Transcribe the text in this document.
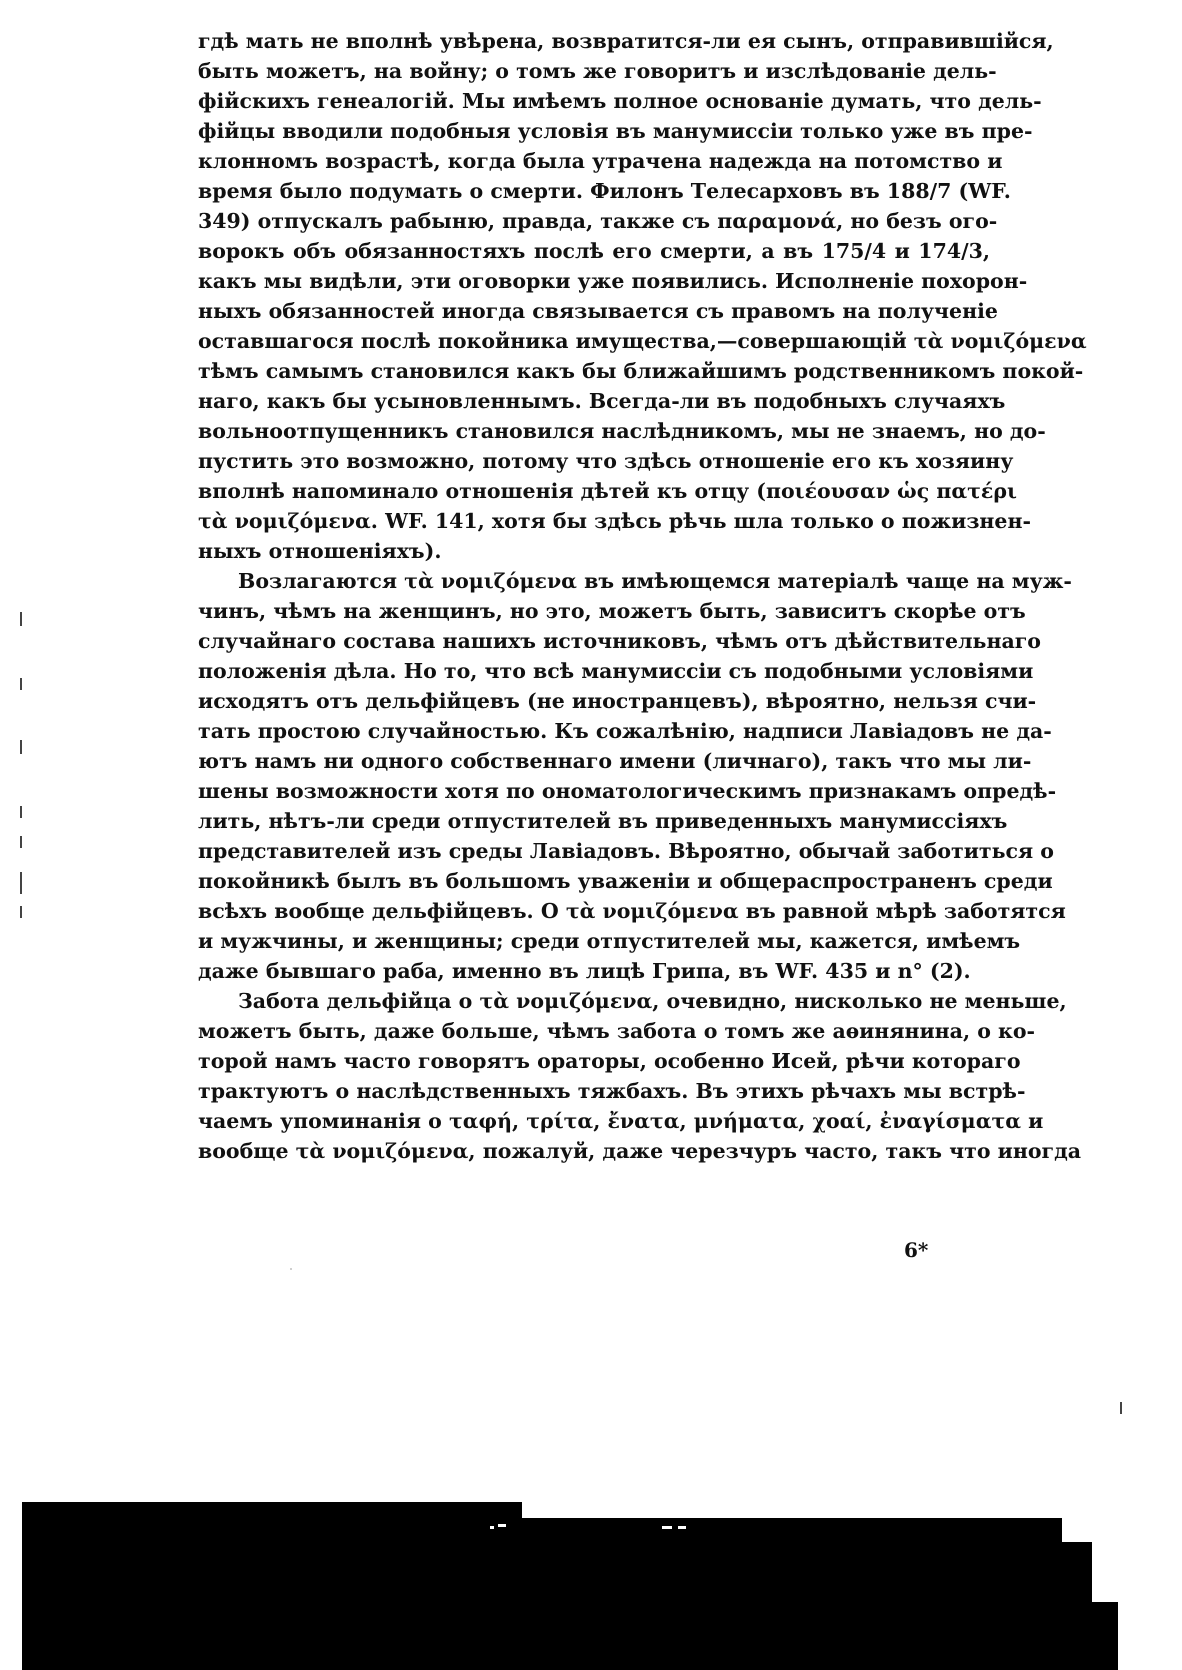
гдѣ мать не вполнѣ увѣрена, возвратится-ли ея сынъ, отправившійся,
быть можетъ, на войну; о томъ же говоритъ и изслѣдованіе дель-
фійскихъ генеалогій. Мы имѣемъ полное основаніе думать, что дель-
фійцы вводили подобныя условія въ манумиссіи только уже въ пре-
клонномъ возрастѣ, когда была утрачена надежда на потомство и
время было подумать о смерти. Филонъ Телесарховъ въ 188/7 (WF.
349) отпускалъ рабыню, правда, также съ παραμονά, но безъ ого-
ворокъ объ обязанностяхъ послѣ его смерти, а въ 175/4 и 174/3,
какъ мы видѣли, эти оговорки уже появились. Исполненіе похорон-
ныхъ обязанностей иногда связывается съ правомъ на полученіе
оставшагося послѣ покойника имущества,—совершающій τὰ νομιζόμενα
тѣмъ самымъ становился какъ бы ближайшимъ родственникомъ покой-
наго, какъ бы усыновленнымъ. Всегда-ли въ подобныхъ случаяхъ
вольноотпущенникъ становился наслѣдникомъ, мы не знаемъ, но до-
пустить это возможно, потому что здѣсь отношеніе его къ хозяину
вполнѣ напоминало отношенія дѣтей къ отцу (ποιέουσαν ὡς πατέρι
τὰ νομιζόμενα. WF. 141, хотя бы здѣсь рѣчь шла только о пожизнен-
ныхъ отношеніяхъ).
Возлагаются τὰ νομιζόμενα въ имѣющемся матеріалѣ чаще на муж-
чинъ, чѣмъ на женщинъ, но это, можетъ быть, зависитъ скорѣе отъ
случайнаго состава нашихъ источниковъ, чѣмъ отъ дѣйствительнаго
положенія дѣла. Но то, что всѣ манумиссіи съ подобными условіями
исходятъ отъ дельфійцевъ (не иностранцевъ), вѣроятно, нельзя счи-
тать простою случайностью. Къ сожалѣнію, надписи Лавіадовъ не да-
ютъ намъ ни одного собственнаго имени (личнаго), такъ что мы ли-
шены возможности хотя по ономатологическимъ признакамъ опредѣ-
лить, нѣтъ-ли среди отпустителей въ приведенныхъ манумиссіяхъ
представителей изъ среды Лавіадовъ. Вѣроятно, обычай заботиться о
покойникѣ былъ въ большомъ уваженіи и общераспространенъ среди
всѣхъ вообще дельфійцевъ. О τὰ νομιζόμενα въ равной мѣрѣ заботятся
и мужчины, и женщины; среди отпустителей мы, кажется, имѣемъ
даже бывшаго раба, именно въ лицѣ Грипа, въ WF. 435 и n° (2).
Забота дельфійца о τὰ νομιζόμενα, очевидно, нисколько не меньше,
можетъ быть, даже больше, чѣмъ забота о томъ же аѳинянина, о ко-
торой намъ часто говорятъ ораторы, особенно Исей, рѣчи котораго
трактуютъ о наслѣдственныхъ тяжбахъ. Въ этихъ рѣчахъ мы встрѣ-
чаемъ упоминанія о ταφή, τρίτα, ἔνατα, μνήματα, χοαί, ἐναγίσματα и
вообще τὰ νομιζόμενα, пожалуй, даже черезчуръ часто, такъ что иногда
6*
